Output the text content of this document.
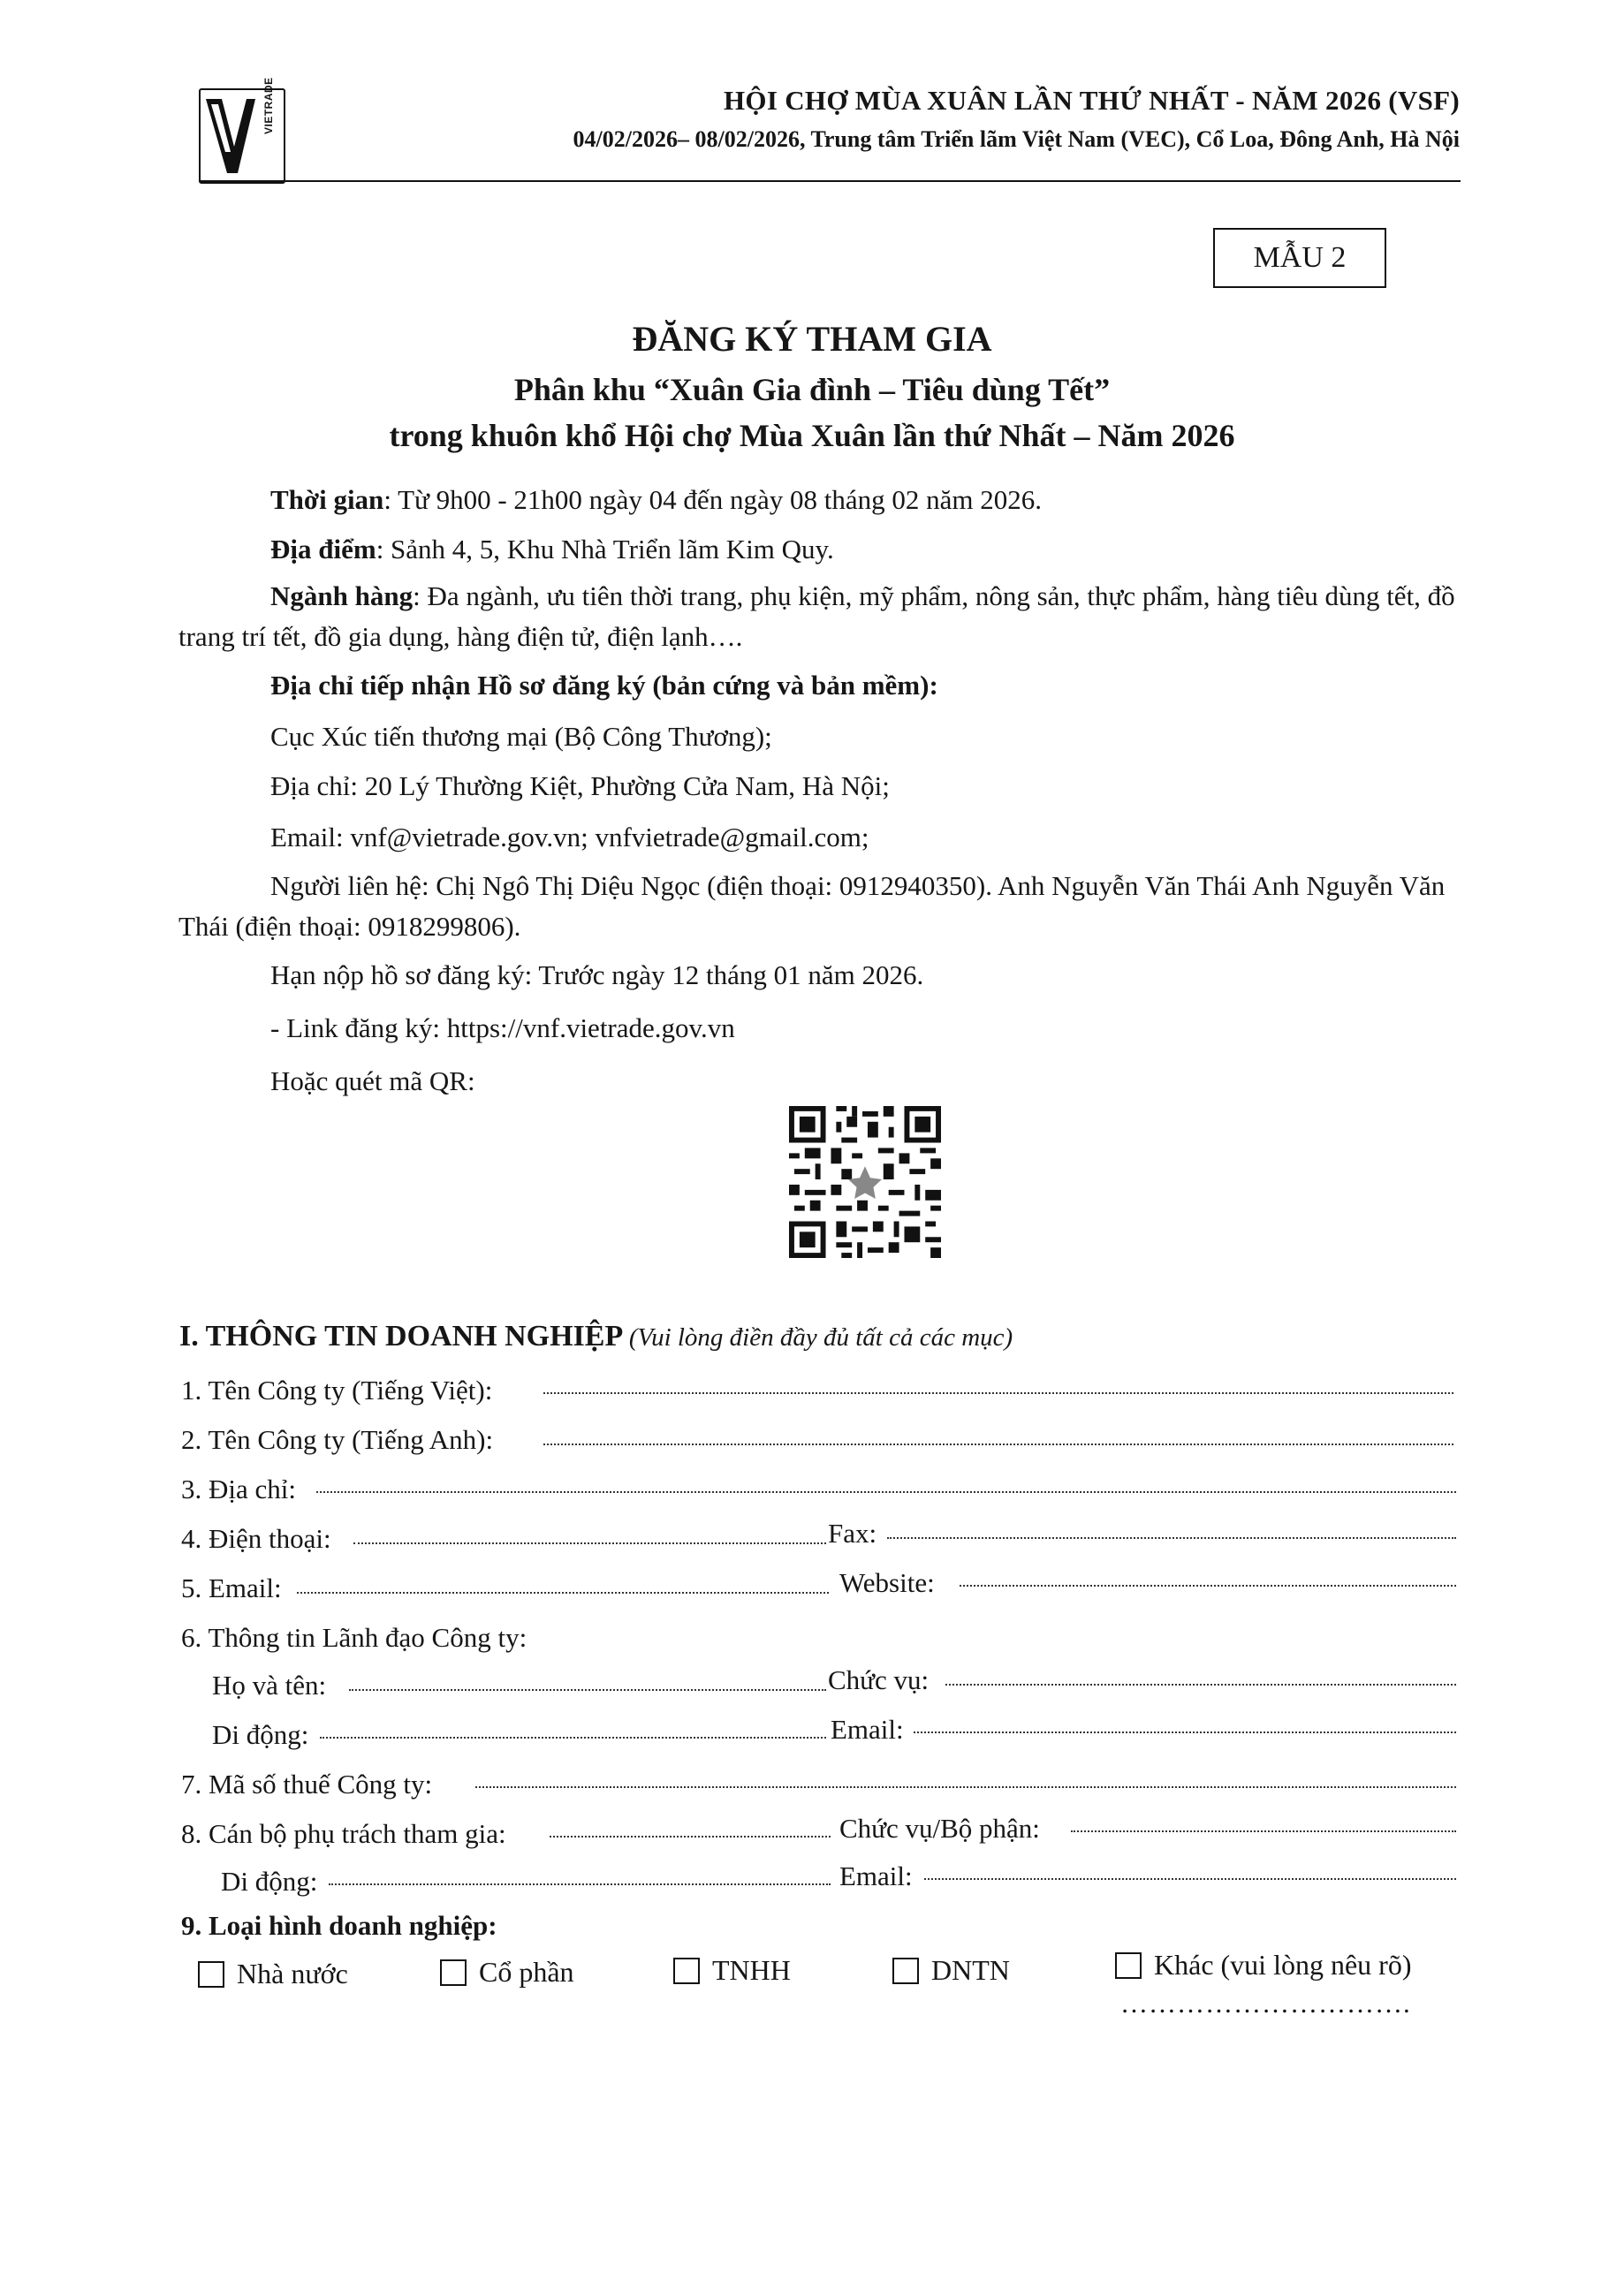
VIETRADE	HỘI CHỢ MÙA XUÂN LẦN THỨ NHẤT - NĂM 2026 (VSF)
04/02/2026– 08/02/2026, Trung tâm Triển lãm Việt Nam (VEC), Cổ Loa, Đông Anh, Hà Nội
MẪU 2
ĐĂNG KÝ THAM GIA
Phân khu “Xuân Gia đình – Tiêu dùng Tết”
trong khuôn khổ Hội chợ Mùa Xuân lần thứ Nhất – Năm 2026
Thời gian: Từ 9h00 - 21h00 ngày 04 đến ngày 08 tháng 02 năm 2026.
Địa điểm: Sảnh 4, 5, Khu Nhà Triển lãm Kim Quy.
Ngành hàng: Đa ngành, ưu tiên thời trang, phụ kiện, mỹ phẩm, nông sản, thực phẩm, hàng tiêu dùng tết, đồ trang trí tết, đồ gia dụng, hàng điện tử, điện lạnh….
Địa chỉ tiếp nhận Hồ sơ đăng ký (bản cứng và bản mềm):
Cục Xúc tiến thương mại (Bộ Công Thương);
Địa chỉ: 20 Lý Thường Kiệt, Phường Cửa Nam, Hà Nội;
Email: vnf@vietrade.gov.vn; vnfvietrade@gmail.com;
Người liên hệ: Chị Ngô Thị Diệu Ngọc (điện thoại: 0912940350). Anh Nguyễn Văn Thái Anh Nguyễn Văn Thái (điện thoại: 0918299806).
Hạn nộp hồ sơ đăng ký: Trước ngày 12 tháng 01 năm 2026.
- Link đăng ký: https://vnf.vietrade.gov.vn
Hoặc quét mã QR:
I. THÔNG TIN DOANH NGHIỆP (Vui lòng điền đầy đủ tất cả các mục)
1. Tên Công ty (Tiếng Việt):
2. Tên Công ty (Tiếng Anh):
3. Địa chỉ:
4. Điện thoại:	Fax:
5. Email:	Website:
6. Thông tin Lãnh đạo Công ty:
Họ và tên:	Chức vụ:
Di động:	Email:
7. Mã số thuế Công ty:
8. Cán bộ phụ trách tham gia:	Chức vụ/Bộ phận:
Di động:	Email:
9. Loại hình doanh nghiệp:
Nhà nước	Cổ phần	TNHH	DNTN	Khác (vui lòng nêu rõ)
………………………….
